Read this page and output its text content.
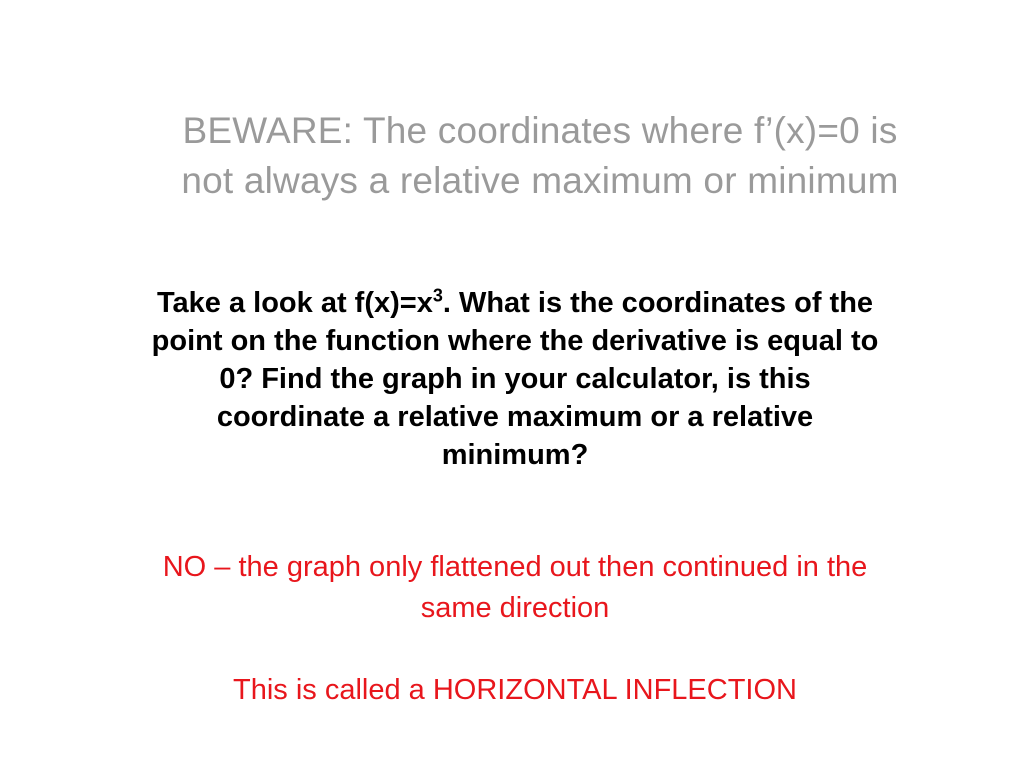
BEWARE: The coordinates where f’(x)=0 is
not always a relative maximum or minimum
Take a look at $f(x)=x^3$. What is the coordinates of the point on the function where the derivative is equal to 0? Find the graph in your calculator, is this coordinate a relative maximum or a relative minimum?

NO – the graph only flattened out then continued in the same direction

This is called a HORIZONTAL INFLECTION
